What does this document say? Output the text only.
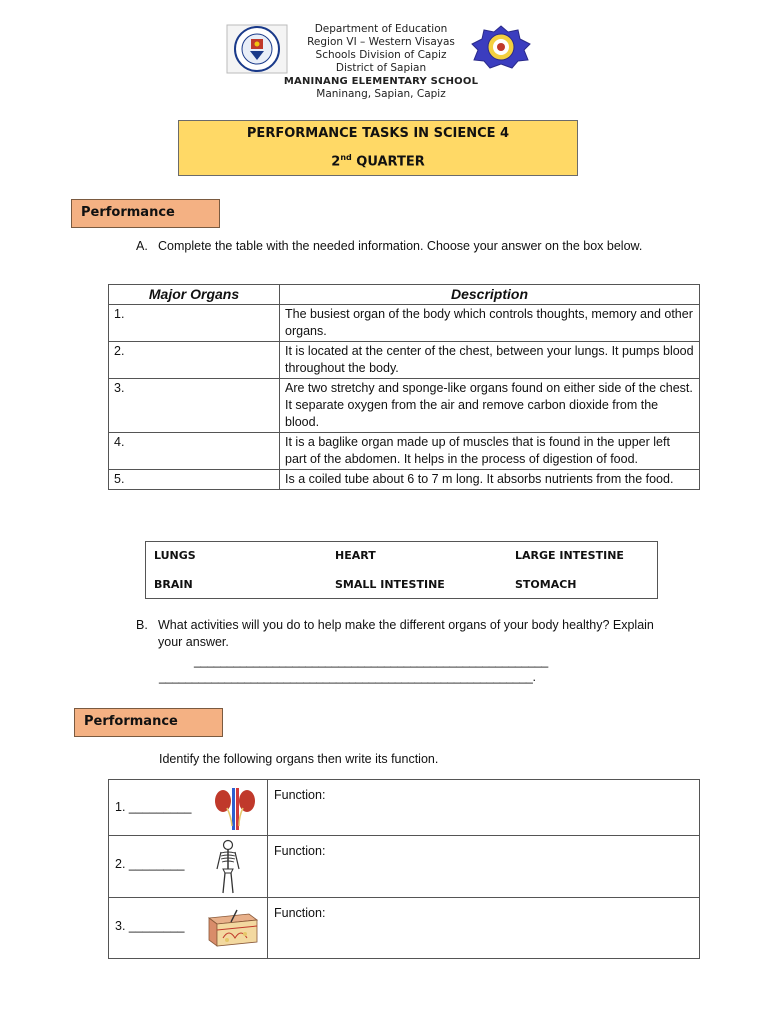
Department of Education
Region VI – Western Visayas
Schools Division of Capiz
District of Sapian
MANINANG ELEMENTARY SCHOOL
Maninang, Sapian, Capiz
PERFORMANCE TASKS IN SCIENCE 4
2nd QUARTER
Performance
A. Complete the table with the needed information. Choose your answer on the box below.
Major Organs	Description
1.	The busiest organ of the body which controls thoughts, memory and other organs.
2.	It is located at the center of the chest, between your lungs. It pumps blood throughout the body.
3.	Are two stretchy and sponge-like organs found on either side of the chest. It separate oxygen from the air and remove carbon dioxide from the blood.
4.	It is a baglike organ made up of muscles that is found in the upper left part of the abdomen. It helps in the process of digestion of food.
5.	Is a coiled tube about 6 to 7 m long. It absorbs nutrients from the food.
LUNGS	HEART	LARGE INTESTINE
BRAIN	SMALL INTESTINE	STOMACH
B. What activities will you do to help make the different organs of your body healthy? Explain your answer.
______________________________________________________
_________________________________________________________.
Performance
Identify the following organs then write its function.
1. _________	Function:

2. ________	Function:

3. ________	Function:
